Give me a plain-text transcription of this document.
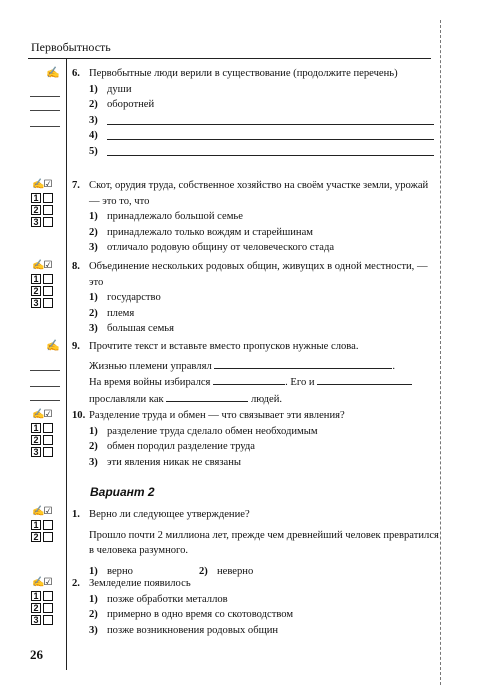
Первобытность
✍ 6. Первобытные люди верили в существование (продолжите перечень)
1) души
2) оборотней
3)
4)
5)
✍☑
1
2
3
7. Скот, орудия труда, собственное хозяйство на своём участке земли, урожай — это то, что
1) принадлежало большой семье
2) принадлежало только вождям и старейшинам
3) отличало родовую общину от человеческого стада
✍☑
1
2
3
8. Объединение нескольких родовых общин, живущих в одной местности, — это
1) государство
2) племя
3) большая семья
✍ 9. Прочтите текст и вставьте вместо пропусков нужные слова.
Жизнью племени управлял	.
На время войны избирался	. Его и
прославляли как	людей.
✍☑
1
2
3
10. Разделение труда и обмен — что связывает эти явления?
1) разделение труда сделало обмен необходимым
2) обмен породил разделение труда
3) эти явления никак не связаны
Вариант 2
✍☑
1
2
1. Верно ли следующее утверждение?
Прошло почти 2 миллиона лет, прежде чем древнейший человек превратился в человека разумного.
1) верно	2) неверно
✍☑
1
2
3
2. Земледелие появилось
1) позже обработки металлов
2) примерно в одно время со скотоводством
3) позже возникновения родовых общин
26
